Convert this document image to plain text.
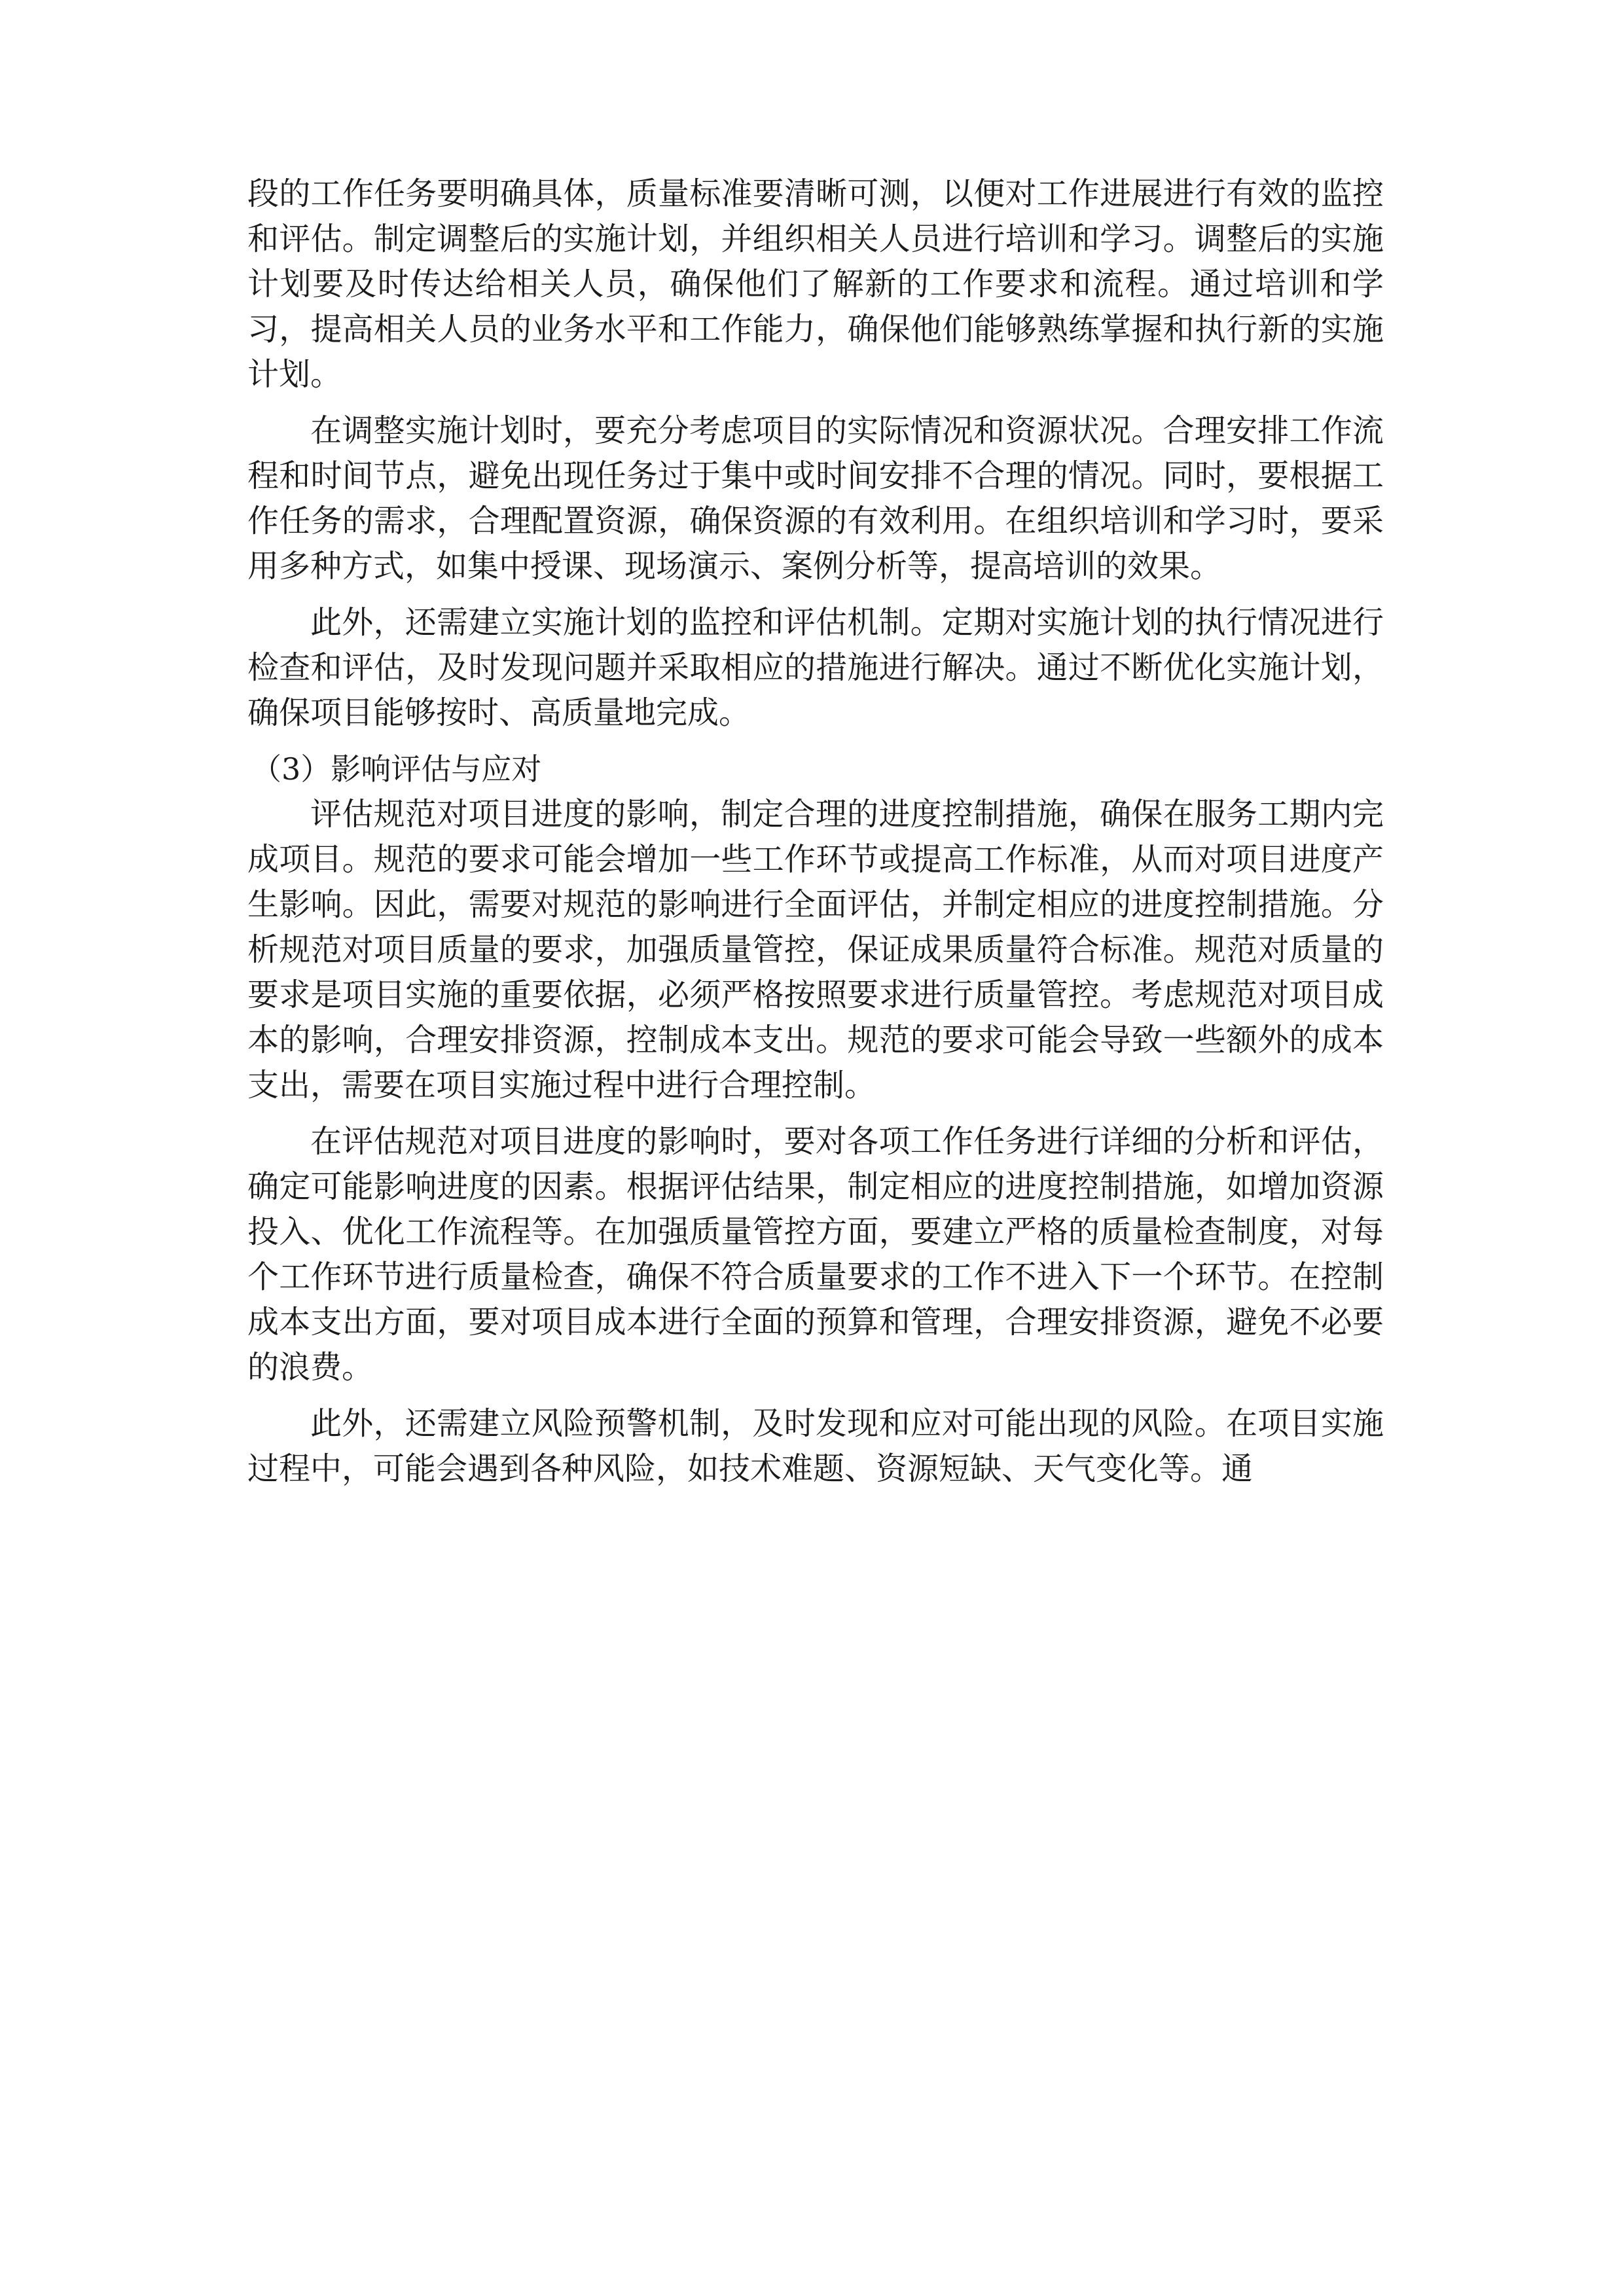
段的工作任务要明确具体，质量标准要清晰可测，以便对工作进展进行有效的监控和评估。制定调整后的实施计划，并组织相关人员进行培训和学习。调整后的实施计划要及时传达给相关人员，确保他们了解新的工作要求和流程。通过培训和学习，提高相关人员的业务水平和工作能力，确保他们能够熟练掌握和执行新的实施计划。

在调整实施计划时，要充分考虑项目的实际情况和资源状况。合理安排工作流程和时间节点，避免出现任务过于集中或时间安排不合理的情况。同时，要根据工作任务的需求，合理配置资源，确保资源的有效利用。在组织培训和学习时，要采用多种方式，如集中授课、现场演示、案例分析等，提高培训的效果。

此外，还需建立实施计划的监控和评估机制。定期对实施计划的执行情况进行检查和评估，及时发现问题并采取相应的措施进行解决。通过不断优化实施计划，确保项目能够按时、高质量地完成。

（3）影响评估与应对

评估规范对项目进度的影响，制定合理的进度控制措施，确保在服务工期内完成项目。规范的要求可能会增加一些工作环节或提高工作标准，从而对项目进度产生影响。因此，需要对规范的影响进行全面评估，并制定相应的进度控制措施。分析规范对项目质量的要求，加强质量管控，保证成果质量符合标准。规范对质量的要求是项目实施的重要依据，必须严格按照要求进行质量管控。考虑规范对项目成本的影响，合理安排资源，控制成本支出。规范的要求可能会导致一些额外的成本支出，需要在项目实施过程中进行合理控制。

在评估规范对项目进度的影响时，要对各项工作任务进行详细的分析和评估，确定可能影响进度的因素。根据评估结果，制定相应的进度控制措施，如增加资源投入、优化工作流程等。在加强质量管控方面，要建立严格的质量检查制度，对每个工作环节进行质量检查，确保不符合质量要求的工作不进入下一个环节。在控制成本支出方面，要对项目成本进行全面的预算和管理，合理安排资源，避免不必要的浪费。

此外，还需建立风险预警机制，及时发现和应对可能出现的风险。在项目实施过程中，可能会遇到各种风险，如技术难题、资源短缺、天气变化等。通
